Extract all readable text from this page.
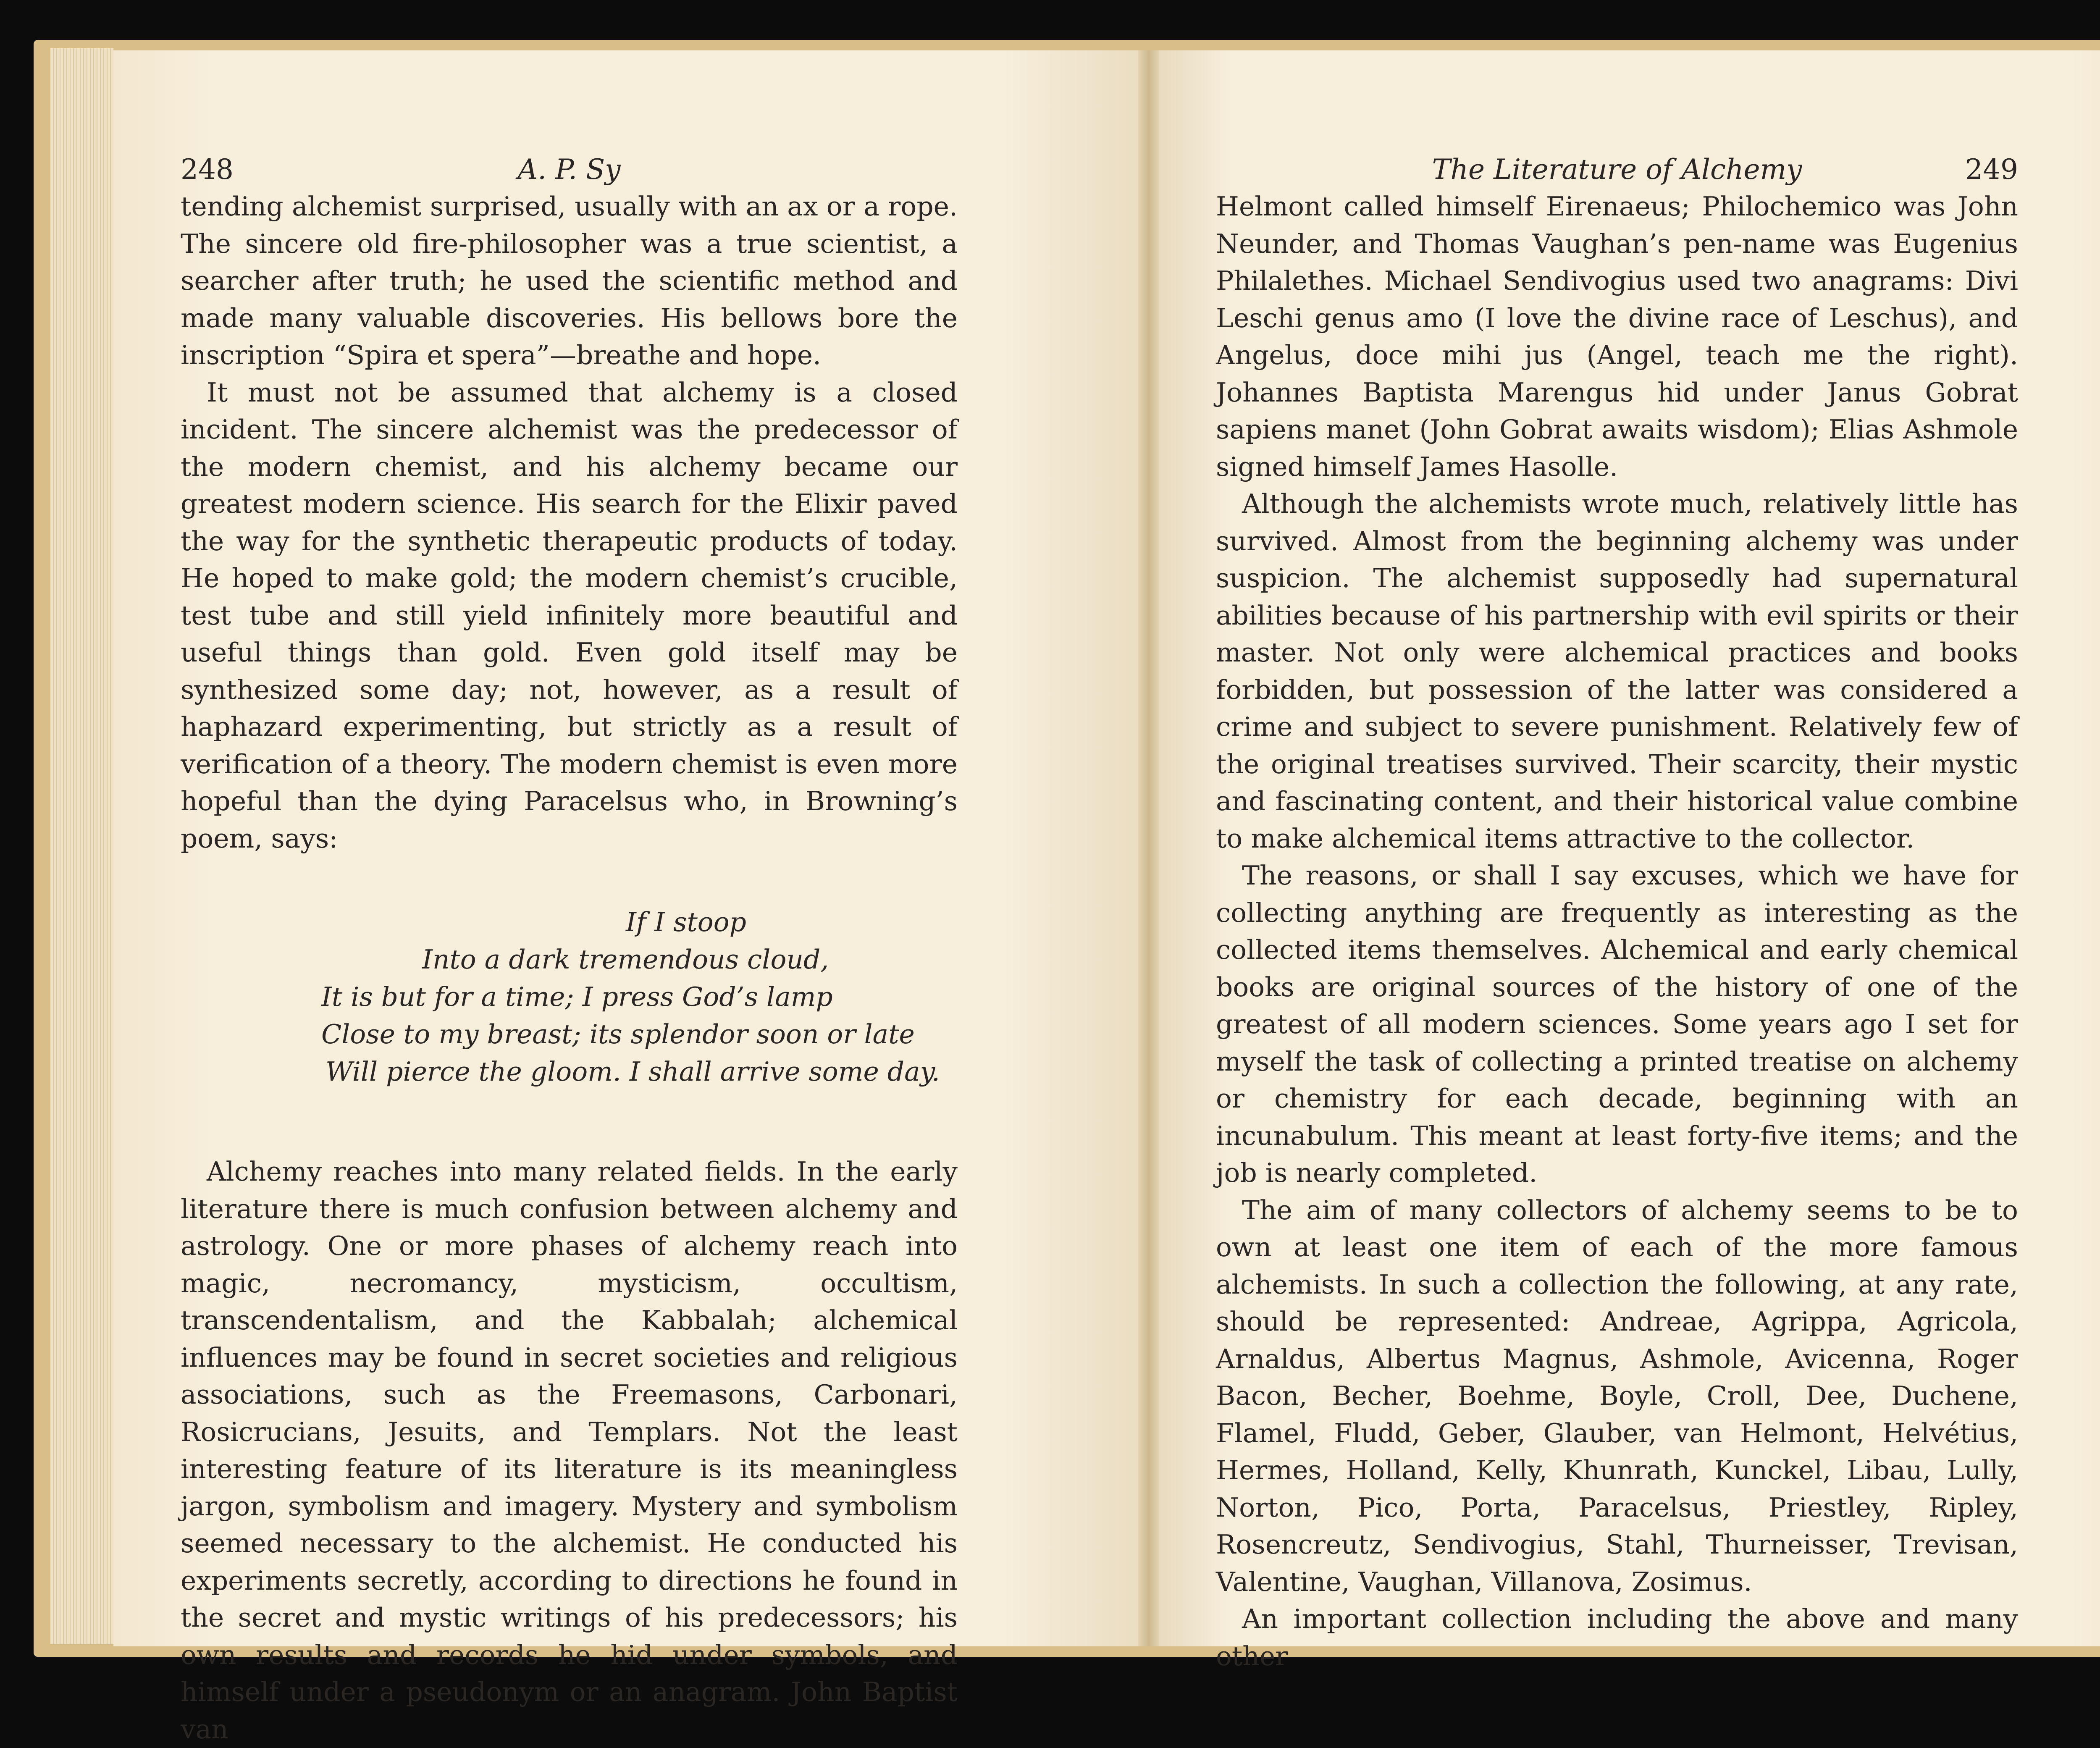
248	A. P. Sy

tending alchemist surprised, usually with an ax or a rope. The sincere old fire-philosopher was a true scientist, a searcher after truth; he used the scientific method and made many valuable discoveries. His bellows bore the inscription “Spira et spera”—breathe and hope.

It must not be assumed that alchemy is a closed incident. The sincere alchemist was the predecessor of the modern chemist, and his alchemy became our greatest modern science. His search for the Elixir paved the way for the synthetic therapeutic products of today. He hoped to make gold; the modern chemist’s crucible, test tube and still yield infinitely more beautiful and useful things than gold. Even gold itself may be synthesized some day; not, however, as a result of haphazard experimenting, but strictly as a result of verification of a theory. The modern chemist is even more hopeful than the dying Paracelsus who, in Browning’s poem, says:

If I stoop
Into a dark tremendous cloud,
It is but for a time; I press God’s lamp
Close to my breast; its splendor soon or late
Will pierce the gloom. I shall arrive some day.

Alchemy reaches into many related fields. In the early literature there is much confusion between alchemy and astrology. One or more phases of alchemy reach into magic, necromancy, mysticism, occultism, transcendentalism, and the Kabbalah; alchemical influences may be found in secret societies and religious associations, such as the Freemasons, Carbonari, Rosicrucians, Jesuits, and Templars. Not the least interesting feature of its literature is its meaningless jargon, symbolism and imagery. Mystery and symbolism seemed necessary to the alchemist. He conducted his experiments secretly, according to directions he found in the secret and mystic writings of his predecessors; his own results and records he hid under symbols, and himself under a pseudonym or an anagram. John Baptist van

The Literature of Alchemy	249

Helmont called himself Eirenaeus; Philochemico was John Neunder, and Thomas Vaughan’s pen-name was Eugenius Philalethes. Michael Sendivogius used two anagrams: Divi Leschi genus amo (I love the divine race of Leschus), and Angelus, doce mihi jus (Angel, teach me the right). Johannes Baptista Marengus hid under Janus Gobrat sapiens manet (John Gobrat awaits wisdom); Elias Ashmole signed himself James Hasolle.

Although the alchemists wrote much, relatively little has survived. Almost from the beginning alchemy was under suspicion. The alchemist supposedly had supernatural abilities because of his partnership with evil spirits or their master. Not only were alchemical practices and books forbidden, but possession of the latter was considered a crime and subject to severe punishment. Relatively few of the original treatises survived. Their scarcity, their mystic and fascinating content, and their historical value combine to make alchemical items attractive to the collector.

The reasons, or shall I say excuses, which we have for collecting anything are frequently as interesting as the collected items themselves. Alchemical and early chemical books are original sources of the history of one of the greatest of all modern sciences. Some years ago I set for myself the task of collecting a printed treatise on alchemy or chemistry for each decade, beginning with an incunabulum. This meant at least forty-five items; and the job is nearly completed.

The aim of many collectors of alchemy seems to be to own at least one item of each of the more famous alchemists. In such a collection the following, at any rate, should be represented: Andreae, Agrippa, Agricola, Arnaldus, Albertus Magnus, Ashmole, Avicenna, Roger Bacon, Becher, Boehme, Boyle, Croll, Dee, Duchene, Flamel, Fludd, Geber, Glauber, van Helmont, Helvétius, Hermes, Holland, Kelly, Khunrath, Kunckel, Libau, Lully, Norton, Pico, Porta, Paracelsus, Priestley, Ripley, Rosencreutz, Sendivogius, Stahl, Thurneisser, Trevisan, Valentine, Vaughan, Villanova, Zosimus.

An important collection including the above and many other
